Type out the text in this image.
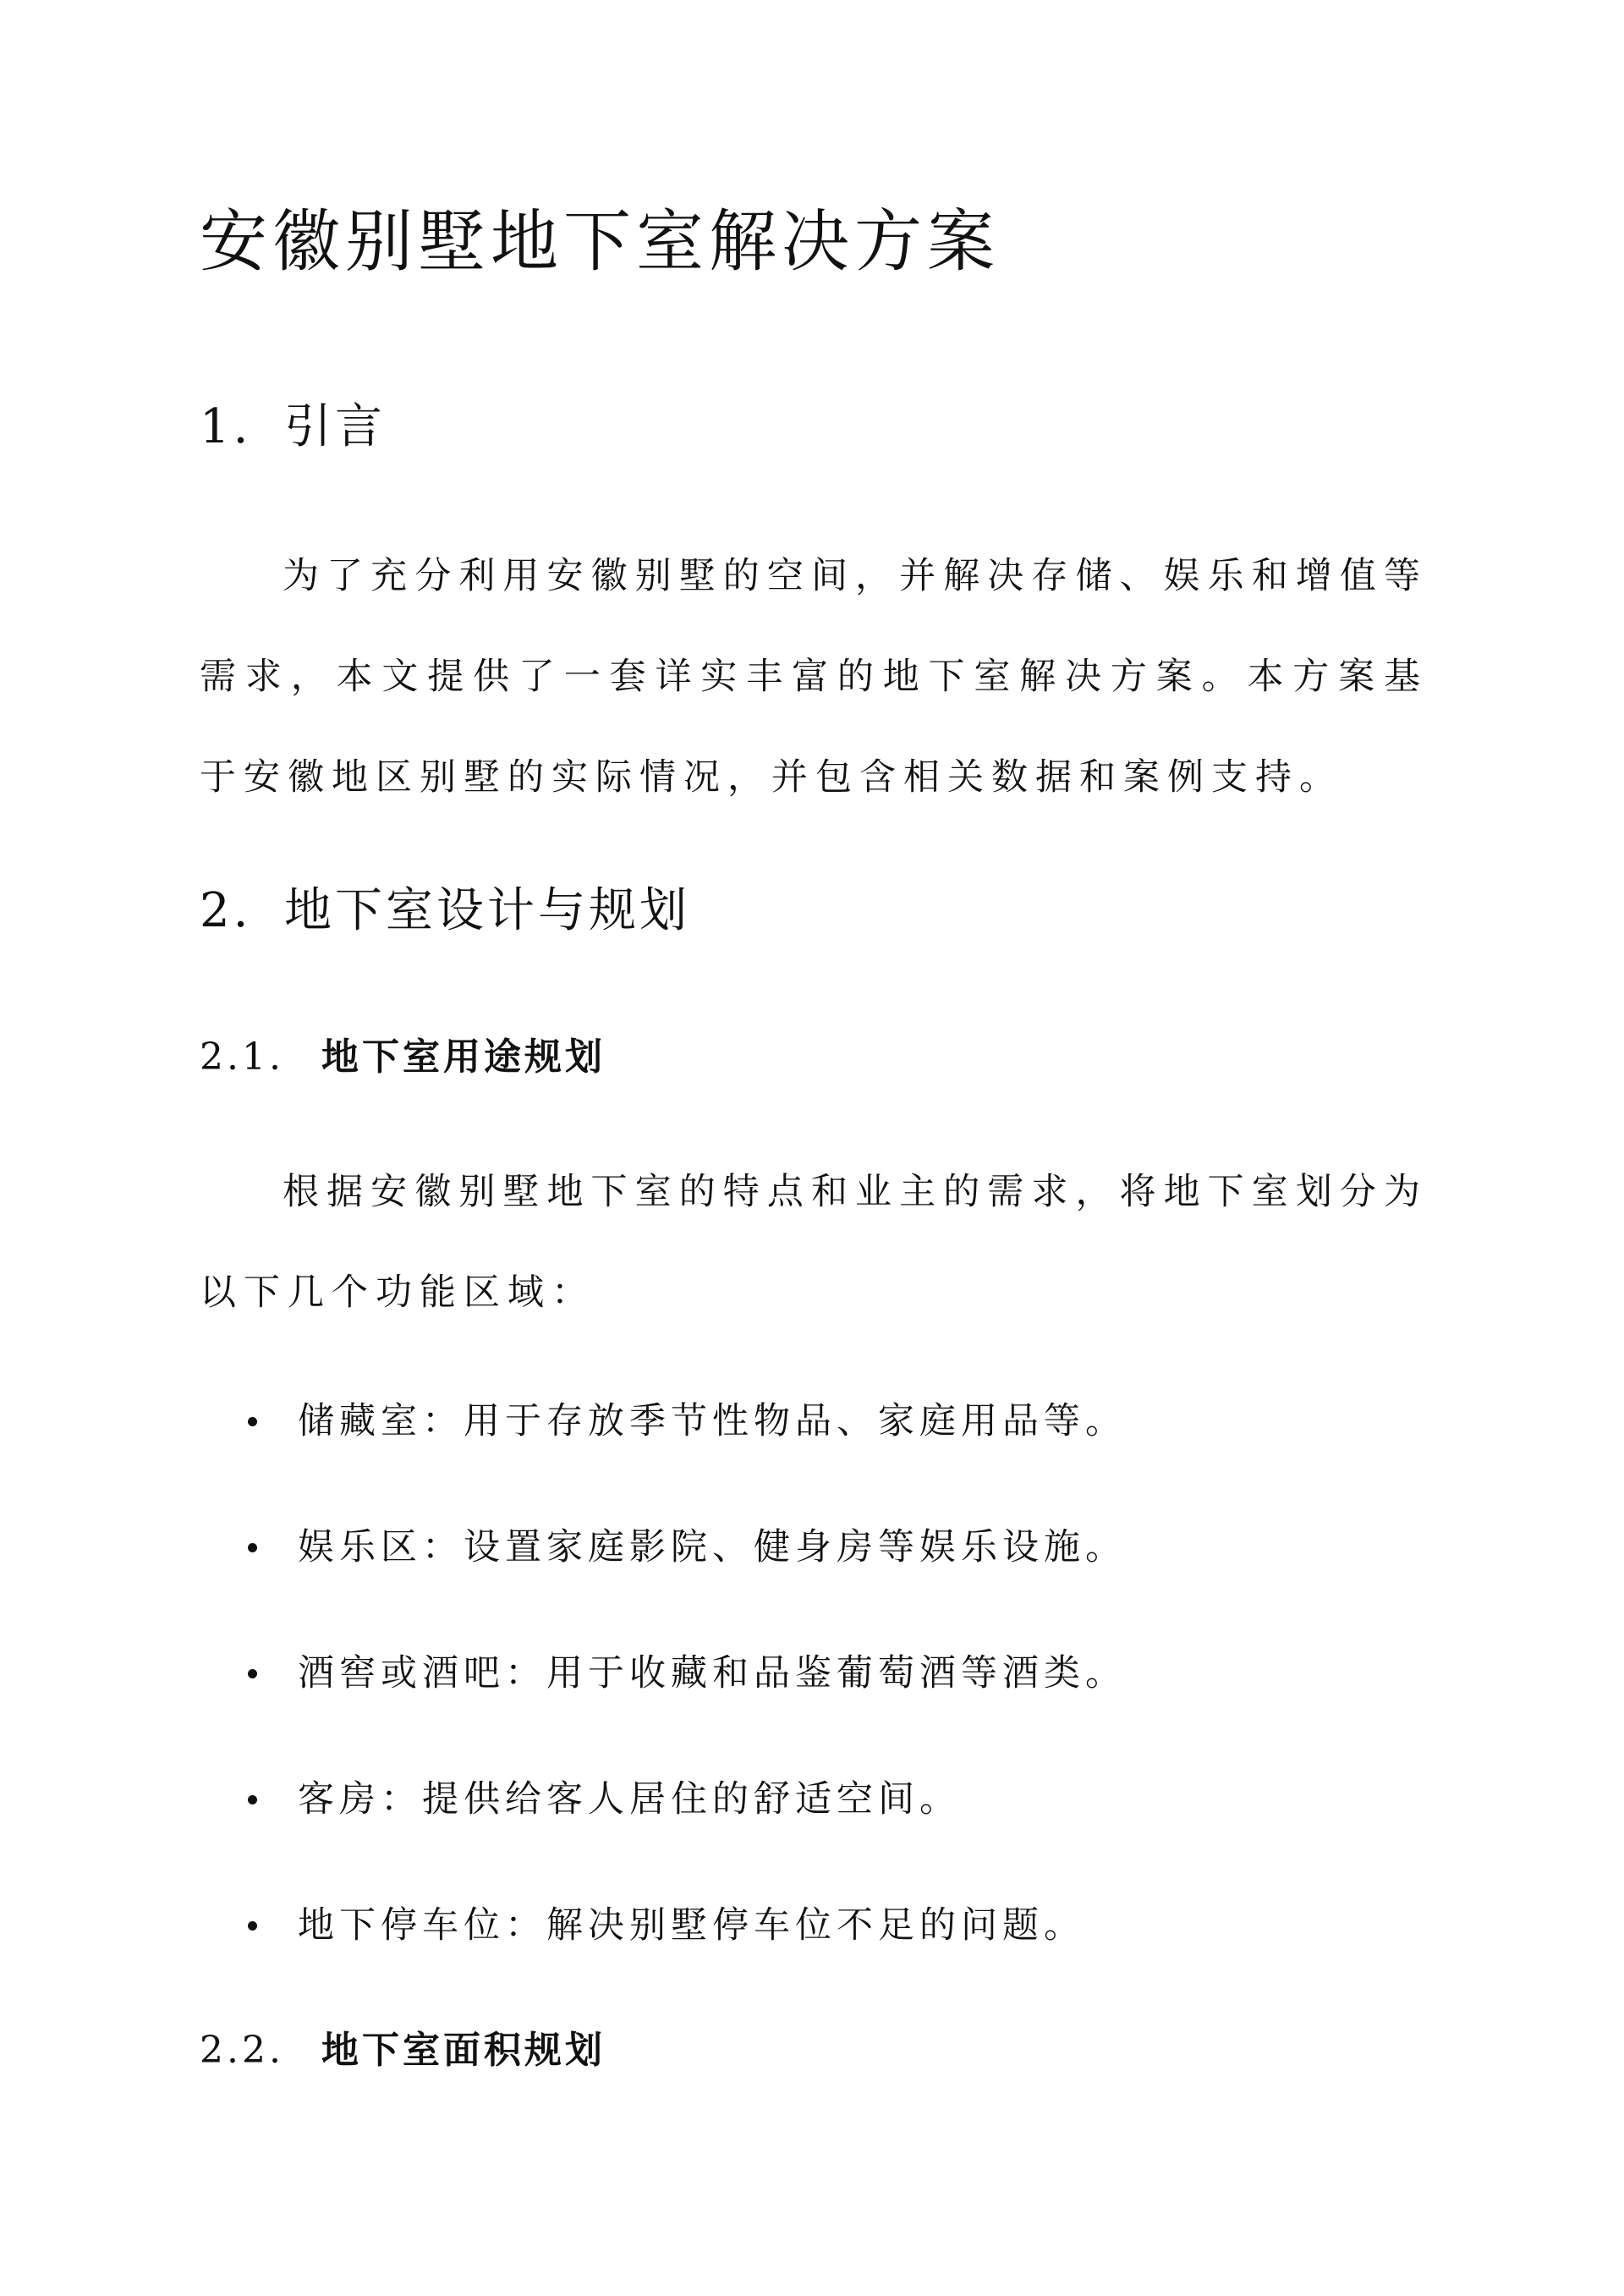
安徽别墅地下室解决方案
1. 引言

为了充分利用安徽别墅的空间，并解决存储、娱乐和增值等需求，本文提供了一套详实丰富的地下室解决方案。本方案基于安徽地区别墅的实际情况，并包含相关数据和案例支持。

2. 地下室设计与规划
2.1. 地下室用途规划

根据安徽别墅地下室的特点和业主的需求，将地下室划分为以下几个功能区域：

储藏室：用于存放季节性物品、家庭用品等。
娱乐区：设置家庭影院、健身房等娱乐设施。
酒窖或酒吧：用于收藏和品鉴葡萄酒等酒类。
客房：提供给客人居住的舒适空间。
地下停车位：解决别墅停车位不足的问题。
2.2. 地下室面积规划
